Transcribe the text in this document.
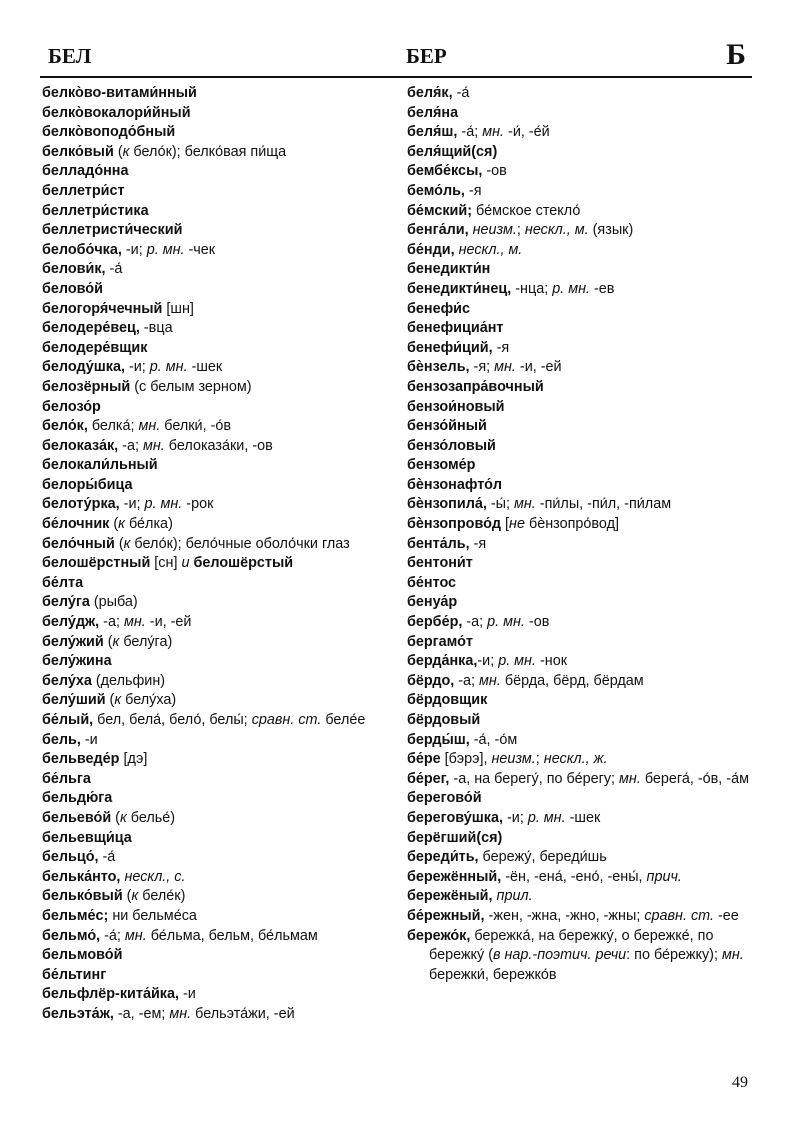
БЕЛ	БЕР	Б
белко̀во-витами́нный
белко̀вокалори́йный
белко̀воподо́бный
белко́вый (к бело́к); белко́вая пи́ща
белладо́нна
беллетри́ст
беллетри́стика
беллетристи́ческий
белобо́чка, -и; р. мн. -чек
белови́к, -а́
белово́й
белогоря́чечный [шн]
белодере́вец, -вца
белодере́вщик
белоду́шка, -и; р. мн. -шек
белозёрный (с белым зерном)
белозо́р
бело́к, белка́; мн. белки́, -о́в
белоказа́к, -а; мн. белоказа́ки, -ов
белокали́льный
белоры́бица
белоту́рка, -и; р. мн. -рок
бе́лочник (к бе́лка)
бело́чный (к бело́к); бело́чные оболо́чки глаз
белошёрстный [сн] и белошёрстый
бе́лта
белу́га (рыба)
белу́дж, -а; мн. -и, -ей
белу́жий (к белу́га)
белу́жина
белу́ха (дельфин)
белу́ший (к белу́ха)
бе́лый, бел, бела́, бело́, белы́; сравн. ст. беле́е
бель, -и
бельведе́р [дэ]
бе́льга
бельдю́га
бельево́й (к белье́)
бельевщи́ца
бельцо́, -а́
белька́нто, нескл., с.
белько́вый (к беле́к)
бельме́с; ни бельме́са
бельмо́, -а́; мн. бе́льма, бельм, бе́льмам
бельмово́й
бе́льтинг
бельфлёр-кита́йка, -и
бельэта́ж, -а, -ем; мн. бельэта́жи, -ей
беля́к, -а́
беля́на
беля́ш, -а́; мн. -и́, -е́й
беля́щий(ся)
бембе́ксы, -ов
бемо́ль, -я
бе́мский; бе́мское стекло́
бенга́ли, неизм.; нескл., м. (язык)
бе́нди, нескл., м.
бенедикти́н
бенедикти́нец, -нца; р. мн. -ев
бенефи́с
бенефициа́нт
бенефи́ций, -я
бѐнзель, -я; мн. -и, -ей
бензозапра́вочный
бензои́новый
бензо́йный
бензо́ловый
бензоме́р
бѐнзонафто́л
бѐнзопила́, -ы́; мн. -пи́лы, -пи́л, -пи́лам
бѐнзопрово́д [не бѐнзопро́вод]
бента́ль, -я
бентони́т
бе́нтос
бенуа́р
бербе́р, -а; р. мн. -ов
бергамо́т
берда́нка,-и; р. мн. -нок
бёрдо, -а; мн. бёрда, бёрд, бёрдам
бёрдовщик
бёрдовый
берды́ш, -а́, -о́м
бе́ре [бэрэ], неизм.; нескл., ж.
бе́рег, -а, на берегу́, по бе́регу; мн. берега́, -о́в, -а́м
берегово́й
берегову́шка, -и; р. мн. -шек
берёгший(ся)
береди́ть, бережу́, береди́шь
бережённый, -ён, -ена́, -ено́, -ены́, прич.
бережёный, прил.
бе́режный, -жен, -жна, -жно, -жны; сравн. ст. -ее
бережо́к, бережка́, на бережку́, о бережке́, по бережку́ (в нар.-поэтич. речи: по бе́режку); мн. бережки́, бережко́в
49
